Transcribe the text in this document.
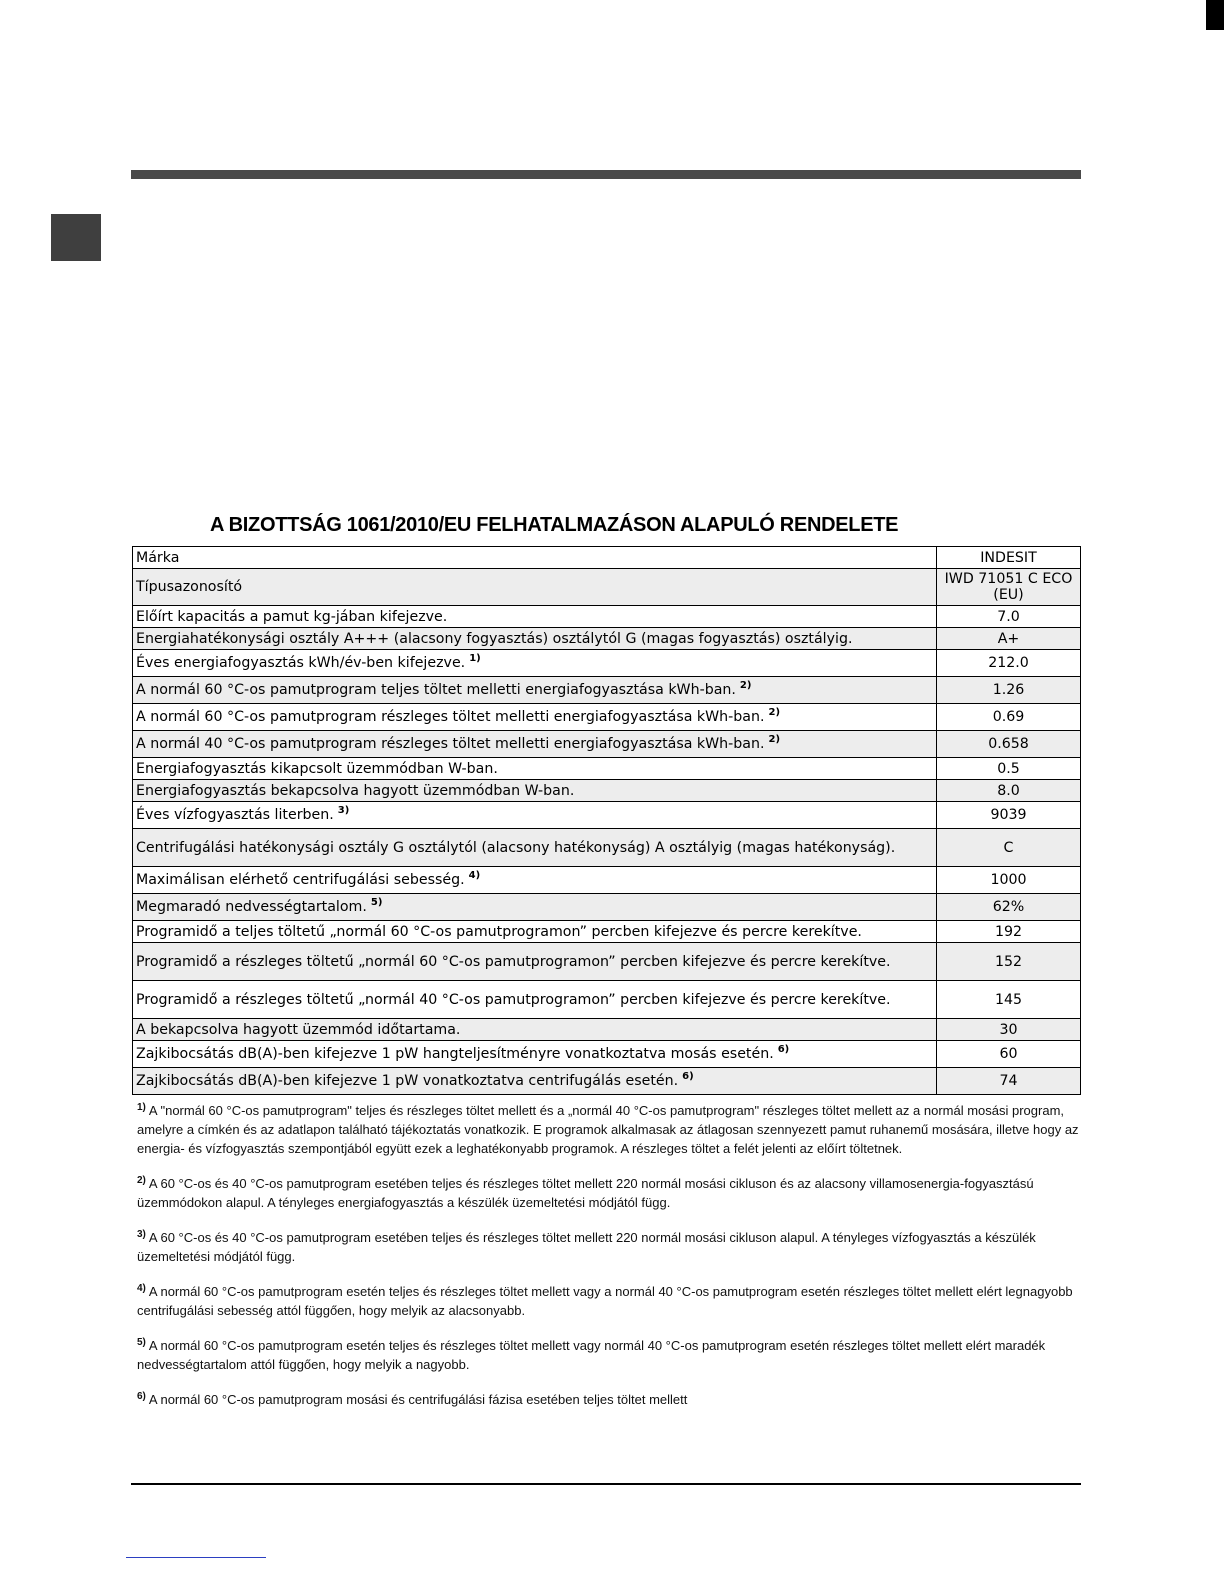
A BIZOTTSÁG 1061/2010/EU FELHATALMAZÁSON ALAPULÓ RENDELETE
Márka	INDESIT
Típusazonosító	IWD 71051 C ECO (EU)
Előírt kapacitás a pamut kg-jában kifejezve.	7.0
Energiahatékonysági osztály A+++ (alacsony fogyasztás) osztálytól G (magas fogyasztás) osztályig.	A+
Éves energiafogyasztás kWh/év-ben kifejezve. $^{1)}$	212.0
A normál 60 °C-os pamutprogram teljes töltet melletti energiafogyasztása kWh-ban. $^{2)}$	1.26
A normál 60 °C-os pamutprogram részleges töltet melletti energiafogyasztása kWh-ban. $^{2)}$	0.69
A normál 40 °C-os pamutprogram részleges töltet melletti energiafogyasztása kWh-ban. $^{2)}$	0.658
Energiafogyasztás kikapcsolt üzemmódban W-ban.	0.5
Energiafogyasztás bekapcsolva hagyott üzemmódban W-ban.	8.0
Éves vízfogyasztás literben. $^{3)}$	9039
Centrifugálási hatékonysági osztály G osztálytól (alacsony hatékonyság) A osztályig (magas hatékonyság).	C
Maximálisan elérhető centrifugálási sebesség. $^{4)}$	1000
Megmaradó nedvességtartalom. $^{5)}$	62%
Programidő a teljes töltetű „normál 60 °C-os pamutprogramon” percben kifejezve és percre kerekítve.	192
Programidő a részleges töltetű „normál 60 °C-os pamutprogramon” percben kifejezve és percre kerekítve.	152
Programidő a részleges töltetű „normál 40 °C-os pamutprogramon” percben kifejezve és percre kerekítve.	145
A bekapcsolva hagyott üzemmód időtartama.	30
Zajkibocsátás dB(A)-ben kifejezve 1 pW hangteljesítményre vonatkoztatva mosás esetén. $^{6)}$	60
Zajkibocsátás dB(A)-ben kifejezve 1 pW vonatkoztatva centrifugálás esetén. $^{6)}$	74
$^{1)}$ A "normál 60 °C-os pamutprogram" teljes és részleges töltet mellett és a „normál 40 °C-os pamutprogram" részleges töltet mellett az a normál mosási program, amelyre a címkén és az adatlapon található tájékoztatás vonatkozik. E programok alkalmasak az átlagosan szennyezett pamut ruhanemű mosására, illetve hogy az energia- és vízfogyasztás szempontjából együtt ezek a leghatékonyabb programok. A részleges töltet a felét jelenti az előírt töltetnek.
$^{2)}$ A 60 °C-os és 40 °C-os pamutprogram esetében teljes és részleges töltet mellett 220 normál mosási cikluson és az alacsony villamosenergia-fogyasztású üzemmódokon alapul. A tényleges energiafogyasztás a készülék üzemeltetési módjától függ.
$^{3)}$ A 60 °C-os és 40 °C-os pamutprogram esetében teljes és részleges töltet mellett 220 normál mosási cikluson alapul. A tényleges vízfogyasztás a készülék üzemeltetési módjától függ.
$^{4)}$ A normál 60 °C-os pamutprogram esetén teljes és részleges töltet mellett vagy a normál 40 °C-os pamutprogram esetén részleges töltet mellett elért legnagyobb centrifugálási sebesség attól függően, hogy melyik az alacsonyabb.
$^{5)}$ A normál 60 °C-os pamutprogram esetén teljes és részleges töltet mellett vagy normál 40 °C-os pamutprogram esetén részleges töltet mellett elért maradék nedvességtartalom attól függően, hogy melyik a nagyobb.
$^{6)}$ A normál 60 °C-os pamutprogram mosási és centrifugálási fázisa esetében teljes töltet mellett
